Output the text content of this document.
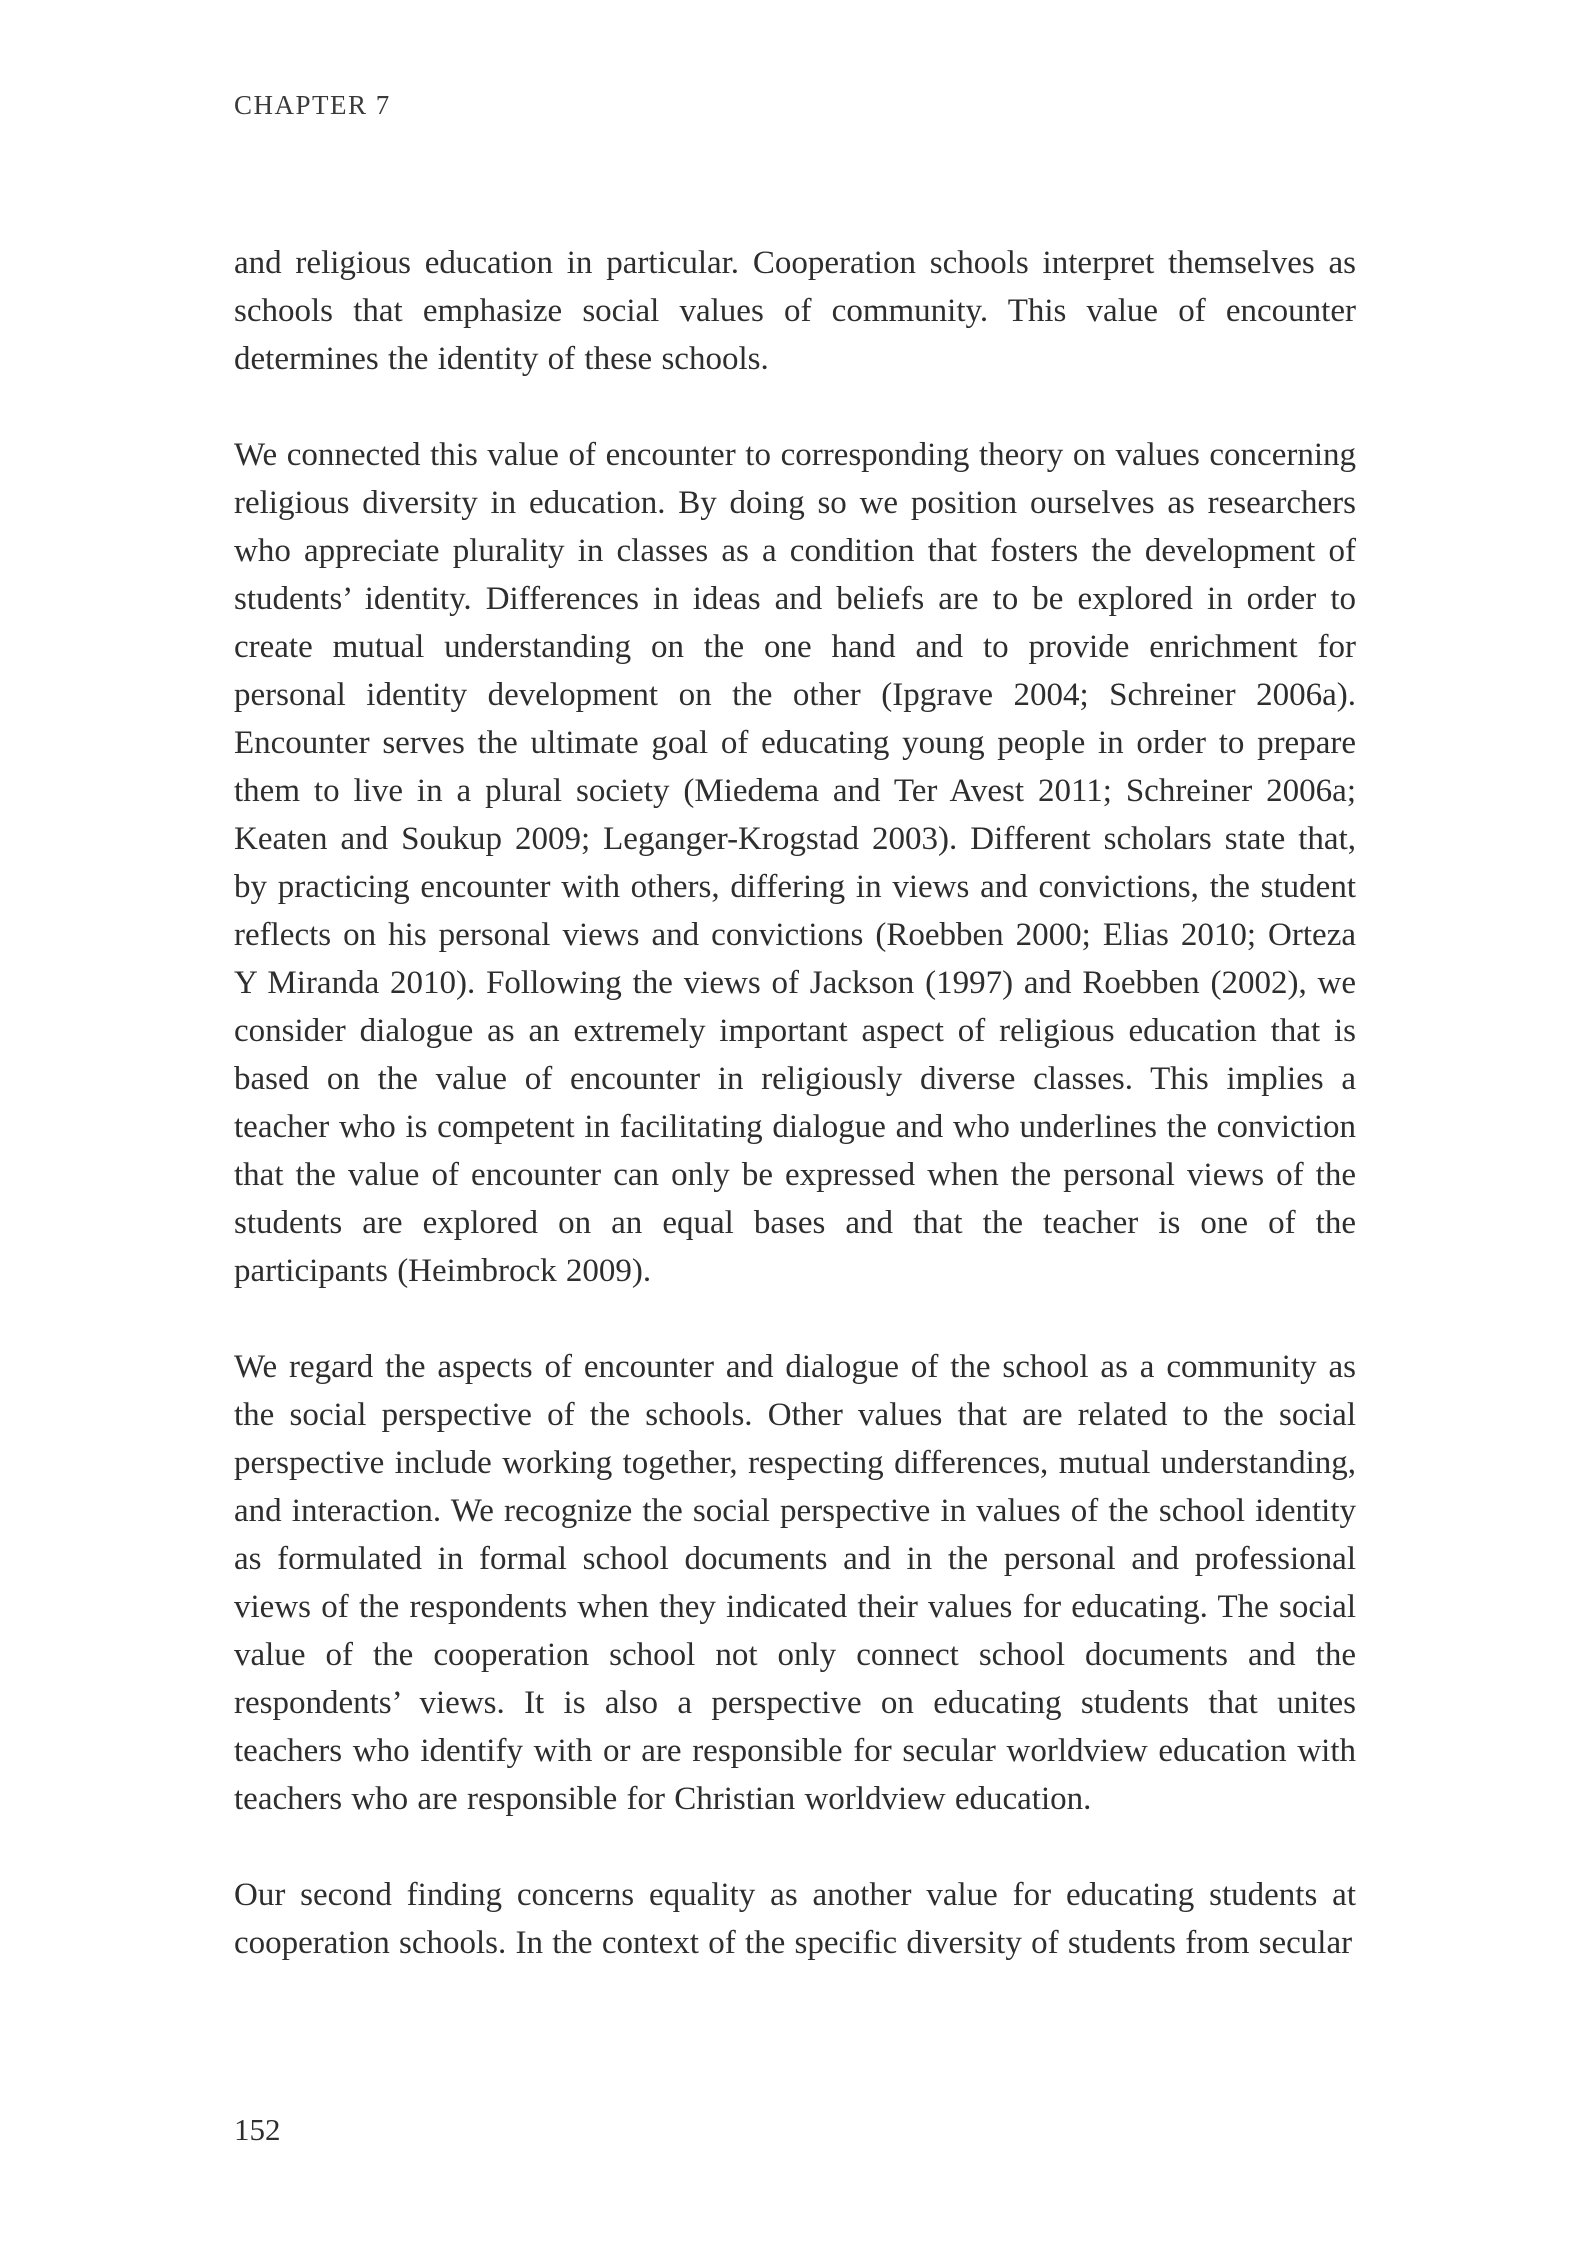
CHAPTER 7

and religious education in particular. Cooperation schools interpret themselves as schools that emphasize social values of community. This value of encounter determines the identity of these schools.

We connected this value of encounter to corresponding theory on values concerning religious diversity in education. By doing so we position ourselves as researchers who appreciate plurality in classes as a condition that fosters the development of students’ identity. Differences in ideas and beliefs are to be explored in order to create mutual understanding on the one hand and to provide enrichment for personal identity development on the other (Ipgrave 2004; Schreiner 2006a). Encounter serves the ultimate goal of educating young people in order to prepare them to live in a plural society (Miedema and Ter Avest 2011; Schreiner 2006a; Keaten and Soukup 2009; Leganger-Krogstad 2003). Different scholars state that, by practicing encounter with others, differing in views and convictions, the student reflects on his personal views and convictions (Roebben 2000; Elias 2010; Orteza Y Miranda 2010). Following the views of Jackson (1997) and Roebben (2002), we consider dialogue as an extremely important aspect of religious education that is based on the value of encounter in religiously diverse classes. This implies a teacher who is competent in facilitating dialogue and who underlines the conviction that the value of encounter can only be expressed when the personal views of the students are explored on an equal bases and that the teacher is one of the participants (Heimbrock 2009).

We regard the aspects of encounter and dialogue of the school as a community as the social perspective of the schools. Other values that are related to the social perspective include working together, respecting differences, mutual understanding, and interaction. We recognize the social perspective in values of the school identity as formulated in formal school documents and in the personal and professional views of the respondents when they indicated their values for educating. The social value of the cooperation school not only connect school documents and the respondents’ views. It is also a perspective on educating students that unites teachers who identify with or are responsible for secular worldview education with teachers who are responsible for Christian worldview education.

Our second finding concerns equality as another value for educating students at cooperation schools. In the context of the specific diversity of students from secular

152
